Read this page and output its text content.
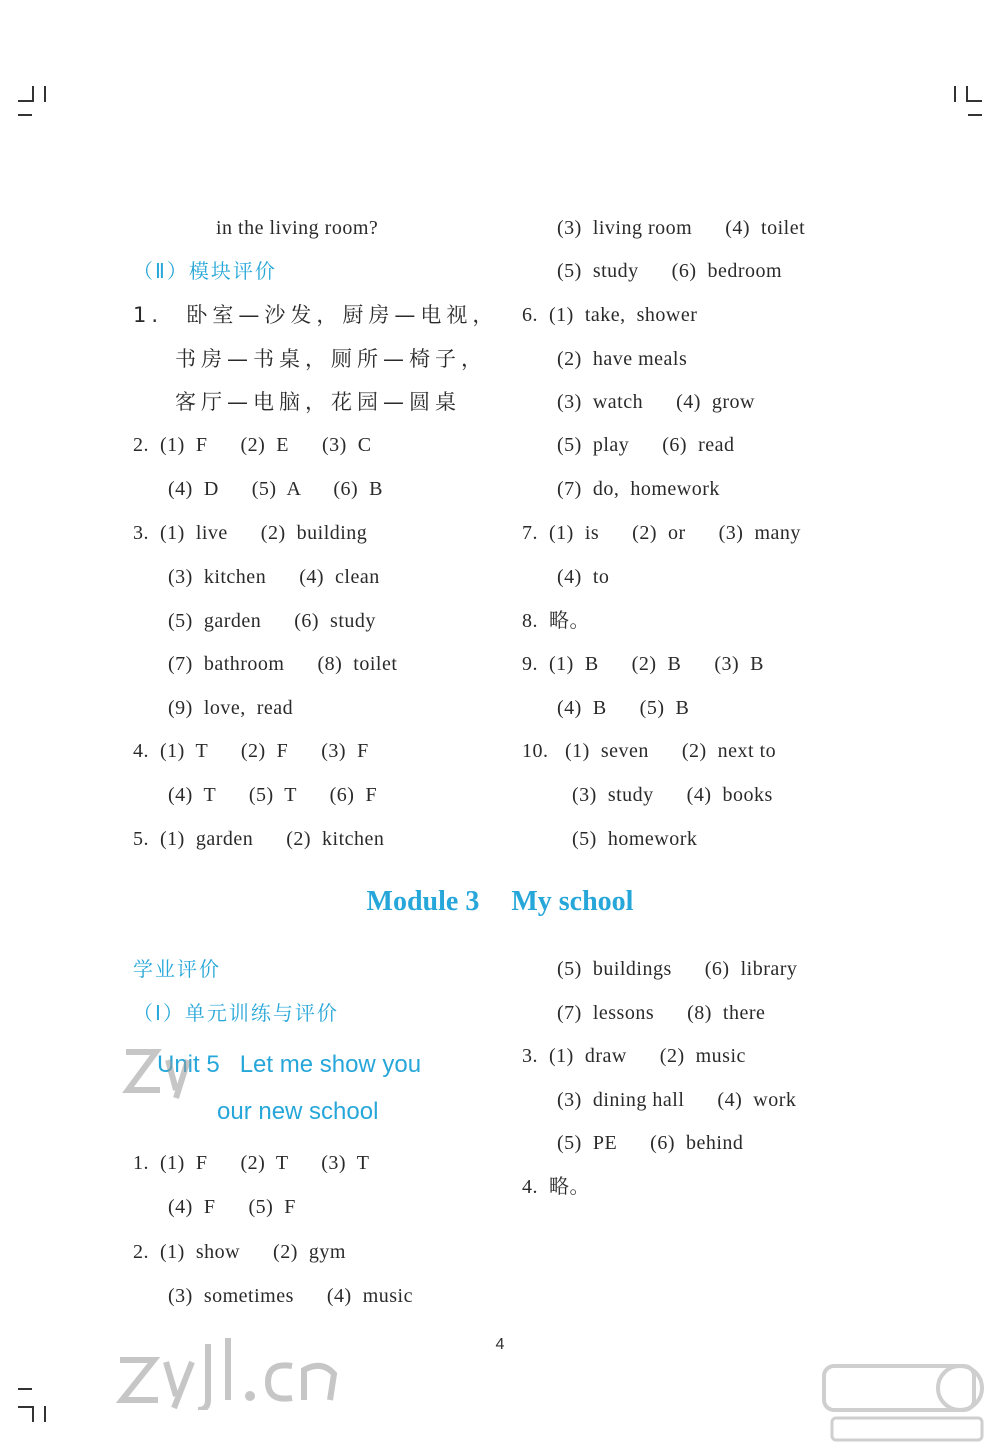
in the living room?
（Ⅱ）模块评价
1.  卧室—沙发，厨房—电视，
书房—书桌，厕所—椅子，
客厅—电脑，花园—圆桌
2.  (1)  F      (2)  E      (3)  C
(4)  D      (5)  A      (6)  B
3.  (1)  live      (2)  building
(3)  kitchen      (4)  clean
(5)  garden      (6)  study
(7)  bathroom      (8)  toilet
(9)  love,  read
4.  (1)  T      (2)  F      (3)  F
(4)  T      (5)  T      (6)  F
5.  (1)  garden      (2)  kitchen
(3)  living room      (4)  toilet
(5)  study      (6)  bedroom
6.  (1)  take,  shower
(2)  have meals
(3)  watch      (4)  grow
(5)  play      (6)  read
(7)  do,  homework
7.  (1)  is      (2)  or      (3)  many
(4)  to
8.  略。
9.  (1)  B      (2)  B      (3)  B
(4)  B      (5)  B
10.   (1)  seven      (2)  next to
(3)  study      (4)  books
(5)  homework
学业评价
（Ⅰ）单元训练与评价
1.  (1)  F      (2)  T      (3)  T
(4)  F      (5)  F
2.  (1)  show      (2)  gym
(3)  sometimes      (4)  music
(5)  buildings      (6)  library
(7)  lessons      (8)  there
3.  (1)  draw      (2)  music
(3)  dining hall      (4)  work
(5)  PE      (6)  behind
4.  略。
Unit 5   Let me show you
our new school
Module 3 My school
4
